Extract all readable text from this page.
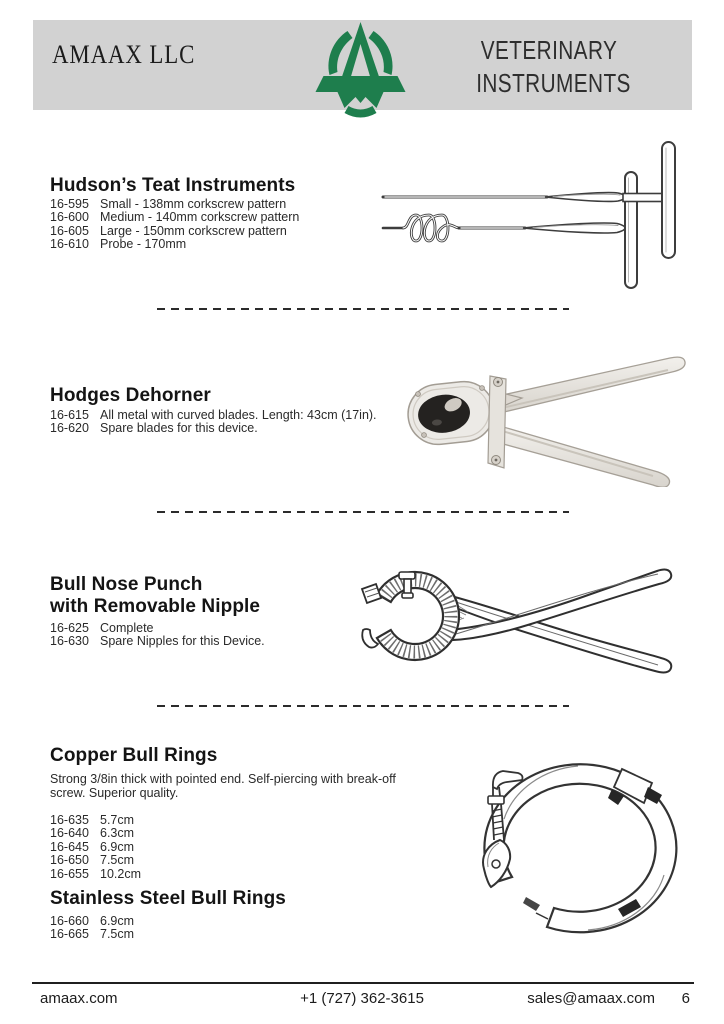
AMAAX LLC	VETERINARY
INSTRUMENTS
Hudson’s Teat Instruments
16-595 Small - 138mm corkscrew pattern
16-600 Medium - 140mm corkscrew pattern
16-605 Large - 150mm corkscrew pattern
16-610 Probe - 170mm
Hodges Dehorner
16-615 All metal with curved blades. Length: 43cm (17in).
16-620 Spare blades for this device.
Bull Nose Punch
with Removable Nipple
16-625 Complete
16-630 Spare Nipples for this Device.
Copper Bull Rings
Strong 3/8in thick with pointed end. Self-piercing with break-off
screw. Superior quality.
16-635 5.7cm
16-640 6.3cm
16-645 6.9cm
16-650 7.5cm
16-655 10.2cm
Stainless Steel Bull Rings
16-660 6.9cm
16-665 7.5cm
amaax.com	+1 (727) 362-3615	sales@amaax.com 6
